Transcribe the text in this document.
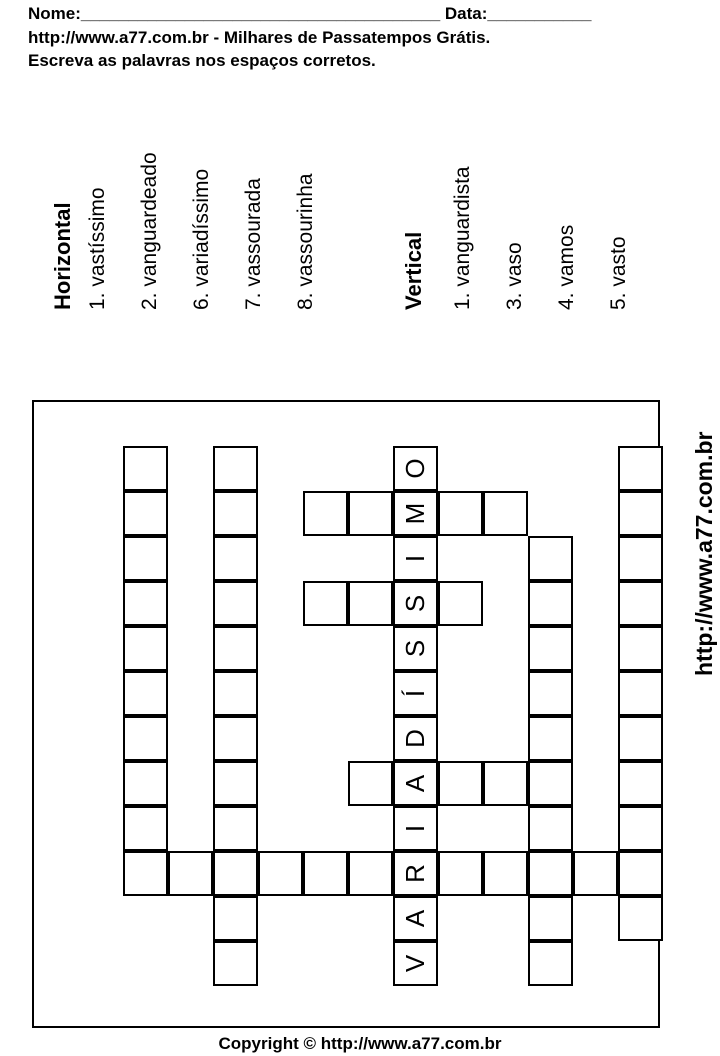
Nome:______________________________________ Data:___________
http://www.a77.com.br - Milhares de Passatempos Grátis.
Escreva as palavras nos espaços corretos.
Horizontal 1. vastíssimo 2. vanguardeado 6. variadíssimo 7. vassourada 8. vassourinha	Vertical 1. vanguardista 3. vaso 4. vamos 5. vasto
O
M
I
S
S
Í
D
A
I
R
A
V
http://www.a77.com.br
Copyright © http://www.a77.com.br
